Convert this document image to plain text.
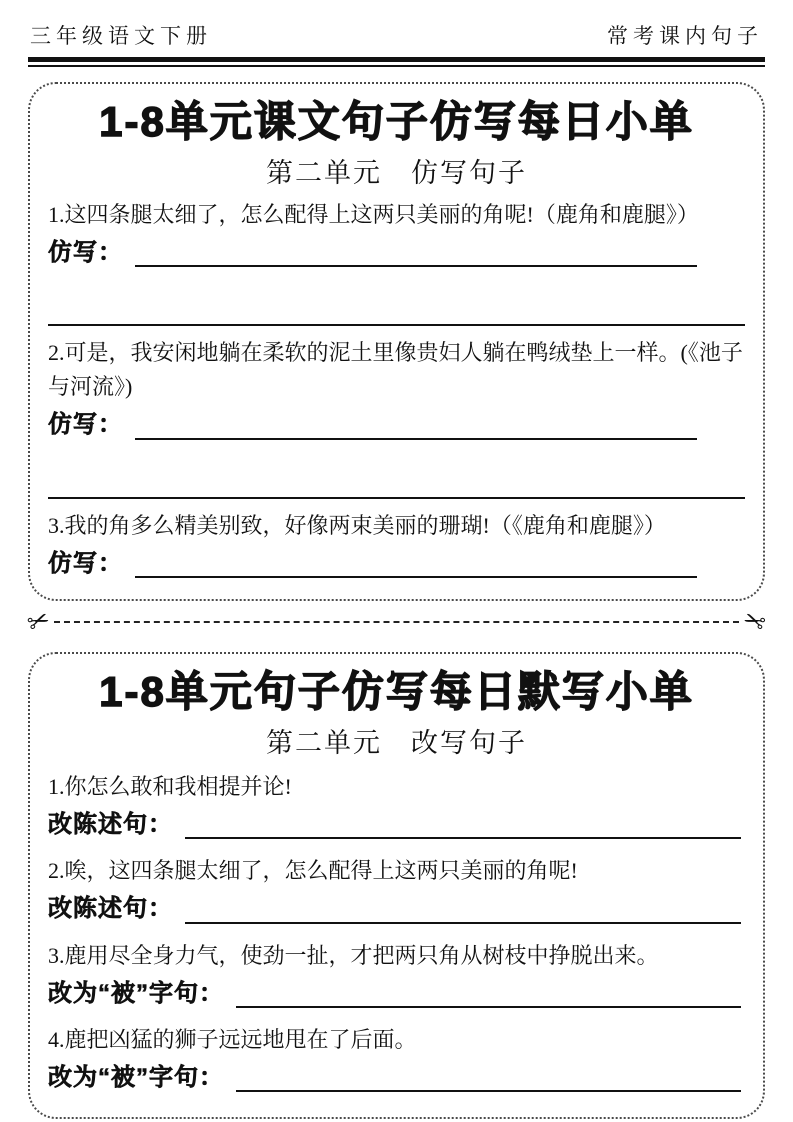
三年级语文下册	常考课内句子
1-8单元课文句子仿写每日小单
第二单元　仿写句子

1.这四条腿太细了，怎么配得上这两只美丽的角呢!（鹿角和鹿腿》）

仿写：

2.可是，我安闲地躺在柔软的泥土里像贵妇人躺在鸭绒垫上一样。(《池子与河流》)

仿写：

3.我的角多么精美别致，好像两束美丽的珊瑚!（《鹿角和鹿腿》）

仿写：
✂	✂
1-8单元句子仿写每日默写小单
第二单元　改写句子

1.你怎么敢和我相提并论!

改陈述句：

2.唉，这四条腿太细了，怎么配得上这两只美丽的角呢!

改陈述句：

3.鹿用尽全身力气，使劲一扯，才把两只角从树枝中挣脱出来。

改为“被”字句：

4.鹿把凶猛的狮子远远地甩在了后面。

改为“被”字句：
